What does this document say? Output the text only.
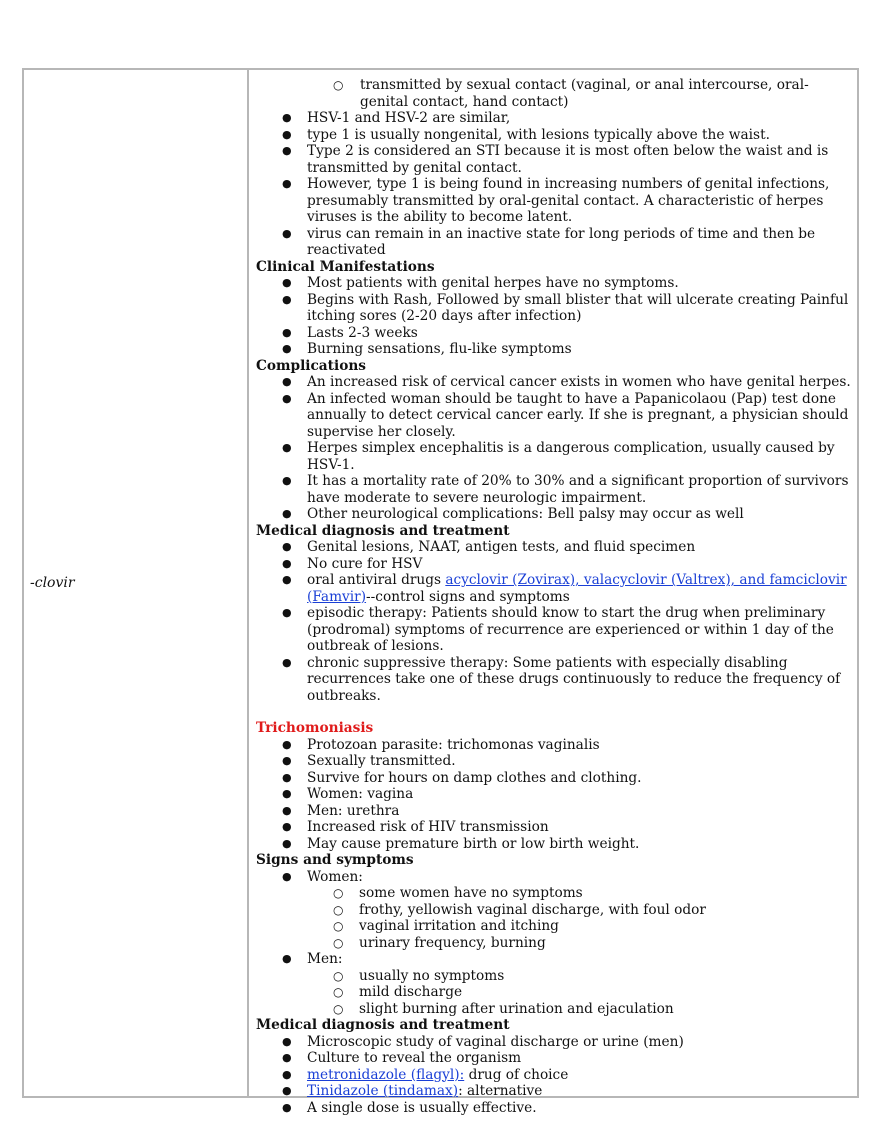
-clovir
○ transmitted by sexual contact (vaginal, or anal intercourse, oral-genital contact, hand contact)
● HSV-1 and HSV-2 are similar,
● type 1 is usually nongenital, with lesions typically above the waist.
● Type 2 is considered an STI because it is most often below the waist and is transmitted by genital contact.
● However, type 1 is being found in increasing numbers of genital infections, presumably transmitted by oral-genital contact. A characteristic of herpes viruses is the ability to become latent.
● virus can remain in an inactive state for long periods of time and then be reactivated
Clinical Manifestations
● Most patients with genital herpes have no symptoms.
● Begins with Rash, Followed by small blister that will ulcerate creating Painful itching sores (2-20 days after infection)
● Lasts 2-3 weeks
● Burning sensations, flu-like symptoms
Complications
● An increased risk of cervical cancer exists in women who have genital herpes.
● An infected woman should be taught to have a Papanicolaou (Pap) test done annually to detect cervical cancer early. If she is pregnant, a physician should supervise her closely.
● Herpes simplex encephalitis is a dangerous complication, usually caused by HSV-1.
● It has a mortality rate of 20% to 30% and a significant proportion of survivors have moderate to severe neurologic impairment.
● Other neurological complications: Bell palsy may occur as well
Medical diagnosis and treatment
● Genital lesions, NAAT, antigen tests, and fluid specimen
● No cure for HSV
● oral antiviral drugs acyclovir (Zovirax), valacyclovir (Valtrex), and famciclovir (Famvir)--control signs and symptoms
● episodic therapy: Patients should know to start the drug when preliminary (prodromal) symptoms of recurrence are experienced or within 1 day of the outbreak of lesions.
● chronic suppressive therapy: Some patients with especially disabling recurrences take one of these drugs continuously to reduce the frequency of outbreaks.
Trichomoniasis
● Protozoan parasite: trichomonas vaginalis
● Sexually transmitted.
● Survive for hours on damp clothes and clothing.
● Women: vagina
● Men: urethra
● Increased risk of HIV transmission
● May cause premature birth or low birth weight.
Signs and symptoms
● Women:
○ some women have no symptoms
○ frothy, yellowish vaginal discharge, with foul odor
○ vaginal irritation and itching
○ urinary frequency, burning
● Men:
○ usually no symptoms
○ mild discharge
○ slight burning after urination and ejaculation
Medical diagnosis and treatment
● Microscopic study of vaginal discharge or urine (men)
● Culture to reveal the organism
● metronidazole (flagyl): drug of choice
● Tinidazole (tindamax): alternative
● A single dose is usually effective.
